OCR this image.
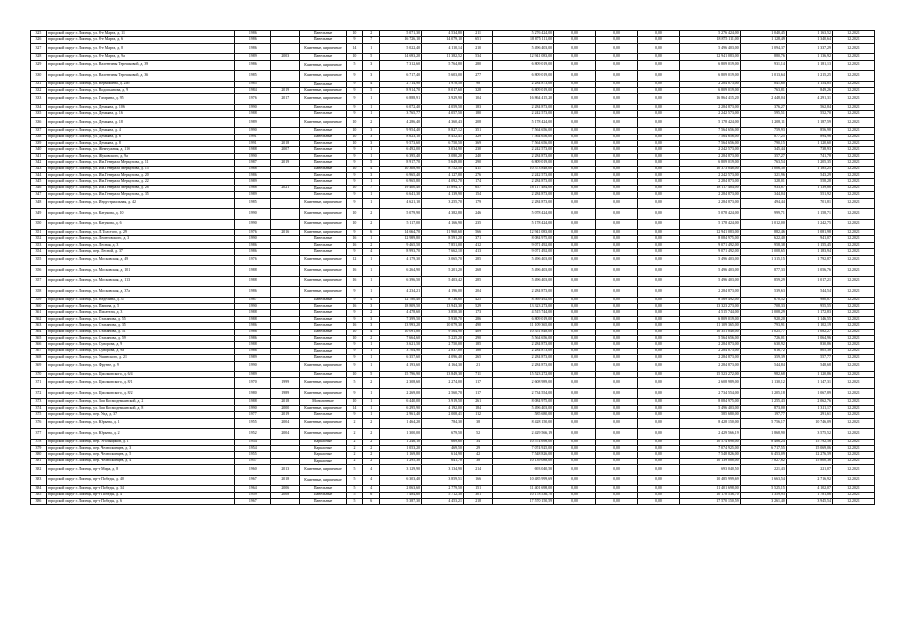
325	городской округ г. Липецк, ул. 8-е Марта, д. 11	1986		Панельные	10	2	5 071,30	4 534,80	211	5 276 424,00	0,00	0,00	0,00	5 276 424,00	1 040,45	1 163,52	12.2021
326	городской округ г. Липецк, ул. 8-е Марта, д. 6	1986		Панельные	9	7	16 726,10	14 079,10	651	18 875 111,00	0,00	0,00	0,00	18 875 111,00	1 128,49	1 340,64	12.2021
327	городской округ г. Липецк, ул. 8-е Марта, д. 8	1986		Каменные, кирпичные	14	1	5 022,40	4 110,14	210	5 496 403,00	0,00	0,00	0,00	5 496 403,00	1 094,37	1 337,29	12.2021
328	городской округ г. Липецк, ул. 8-е Марта, д. 9а	1989	2003	Панельные	10	5	14 693,20	11 382,52	534	12 941 083,00	0,00	0,00	0,00	12 941 083,00	880,76	1 136,92	12.2021
329	городской округ г. Липецк, ул. Валентины Терешковой, д. 39	1986		Каменные, кирпичные	5	3	7 312,60	5 764,80	280	6 809 019,00	0,00	0,00	0,00	6 809 019,00	931,14	1 181,13	12.2021
330	городской округ г. Липецк, ул. Валентины Терешковой, д. 36	1985		Каменные, кирпичные	9	3	6 717,40	5 603,00	277	6 809 019,00	0,00	0,00	0,00	6 809 019,00	1 013,64	1 215,25	12.2021
331	городской округ г. Липецк, ул. Вермишева, д. 24б	1985		Панельные	9	4	2 714,90	1 978,50	98	2 284 873,00	0,00	0,00	0,00	2 284 873,00	841,60	1 154,85	12.2021
332	городской округ г. Липецк, ул. Водопьянова, д. 9	1984	2019	Каменные, кирпичные	9	5	8 914,70	8 017,60	328	6 809 019,00	0,00	0,00	0,00	6 809 019,00	763,81	849,26	12.2021
333	городской округ г. Липецк, ул. Гагарина, д. 95	1976	2017	Каменные, кирпичные	9	1	6 888,91	3 929,90	104	16 864 415,20	0,00	0,00	0,00	16 864 415,20	2 448,04	4 291,31	12.2021
334	городской округ г. Липецк, ул. Демьяна, д. 106	1990		Панельные	9	1	6 072,40	4 059,50	183	2 284 873,00	0,00	0,00	0,00	2 284 873,00	376,27	562,84	12.2021
335	городской округ г. Липецк, ул. Демьяна, д. 16	1988		Панельные	9	1	3 765,77	4 057,50	180	2 242 573,00	0,00	0,00	0,00	2 242 573,00	595,51	552,70	12.2021
336	городской округ г. Липецк, ул. Демьяна, д. 18	1989		Каменные, кирпичные	10	2	4 286,40	4 360,43	208	5 178 424,00	0,00	0,00	0,00	5 178 424,00	1 208,11	1 187,59	12.2021
337	городской округ г. Липецк, ул. Демьяна, д. 4	1990		Панельные	10	3	9 954,40	8 827,12	351	7 564 656,00	0,00	0,00	0,00	7 564 656,00	759,93	856,98	12.2021
338	городской округ г. Липецк, ул. Демьяна, д. 6	1991		Панельные	10	3	8 623,10	8 452,41	329	7 564 656,00	0,00	0,00	0,00	7 564 656,00	877,25	894,96	12.2021
339	городской округ г. Липецк, ул. Демьяна, д. 8	1991	2018	Панельные	10	3	9 573,60	6 750,50	369	7 564 656,00	0,00	0,00	0,00	7 564 656,00	790,15	1 120,60	12.2021
340	городской округ г. Липецк, ул. Жемчужная, д. 11б	1988	2007	Панельные	9	1	6 492,00	3 034,90	230	2 242 573,00	0,00	0,00	0,00	2 242 573,00	345,44	738,93	12.2021
341	городской округ г. Липецк, ул. Жуковского, д. 9а	1990		Панельные	9	1	6 395,40	3 080,20	240	2 284 873,00	0,00	0,00	0,00	2 284 873,00	357,27	741,78	12.2021
342	городской округ г. Липецк, ул. Им.Генерала Меркулова, д. 11	1987	2019	Панельные	9	5	8 917,70	5 649,00	290	6 809 019,00	0,00	0,00	0,00	6 809 019,00	763,54	1 205,35	12.2021
343	городской округ г. Липецк, ул. Им.Генерала Меркулова, д. 15	1988		Панельные	10	4	10 308,90	8 752,50	411	10 373 848,00	0,00	0,00	0,00	10 373 848,00	1 006,30	1 185,25	12.2021
344	городской округ г. Липецк, ул. Им.Генерала Меркулова, д. 20	1986		Панельные	9	3	6 965,40	4 127,80	276	2 242 573,00	0,00	0,00	0,00	2 242 573,00	321,96	543,29	12.2021
345	городской округ г. Липецк, ул. Им.Генерала Меркулова, д. 22	1989		Панельные	9	1	6 965,80	4 092,70	174	2 284 873,00	0,00	0,00	0,00	2 284 873,00	328,01	558,28	12.2021
346	городской округ г. Липецк, ул. Им.Генерала Меркулова, д. 26	1988	2021	Панельные	10	7	19 400,40	15 894,17	657	18 117 484,00	0,00	0,00	0,00	18 117 484,00	933,87	1 139,88	12.2021
347	городской округ г. Липецк, ул. Им.Генерала Меркулова, д. 35	1989		Панельные	9	1	6 641,30	4 139,90	154	2 284 873,00	0,00	0,00	0,00	2 284 873,00	344,04	551,92	12.2021
348	городской округ г. Липецк, ул. Индустриальная, д. 42	1985		Каменные, кирпичные	9	1	4 621,10	3 255,70	179	2 284 873,00	0,00	0,00	0,00	2 284 873,00	494,44	701,81	12.2021
349	городской округ г. Липецк, ул. Катукова, д. 10	1990		Каменные, кирпичные	10	2	5 079,90	4 382,80	246	5 078 424,00	0,00	0,00	0,00	5 078 424,00	999,71	1 158,71	12.2021
350	городской округ г. Липецк, ул. Катукова, д. 6	1990		Каменные, кирпичные	10	2	5 117,00	4 166,90	235	5 178 424,00	0,00	0,00	0,00	5 178 424,00	1 012,00	1 242,75	12.2021
351	городской округ г. Липецк, ул. Л.Толстого, д. 29	1976	2016	Каменные, кирпичные	9	6	14 664,70	11 960,60	566	12 941 083,00	0,00	0,00	0,00	12 941 083,00	882,46	1 081,98	12.2021
352	городской округ г. Липецк, ул. Леонтовского, д. 3	1990		Панельные	16	1	12 989,80	8 591,20	371	8 084 975,00	0,00	0,00	0,00	8 084 975,00	622,40	941,07	12.2021
353	городской округ г. Липецк, ул. Лесная, д. 3	1986		Панельные	16	2	9 465,50	7 851,00	412	9 071 492,00	0,00	0,00	0,00	9 071 492,00	958,38	1 155,45	12.2021
354	городской округ г. Липецк, пер. Лесной, д. 37	1986		Панельные	9	4	8 993,70	7 662,10	413	9 071 492,00	0,00	0,00	0,00	9 071 492,00	1 008,65	1 183,94	12.2021
355	городской округ г. Липецк, ул. Московская, д. 49	1976		Каменные, кирпичные	12	1	4 179,30	3 065,70	285	5 496 403,00	0,00	0,00	0,00	5 496 403,00	1 315,15	1 792,87	12.2021
356	городской округ г. Липецк, ул. Московская, д. 101	1988		Каменные, кирпичные	16	1	6 264,90	5 201,20	268	5 496 403,00	0,00	0,00	0,00	5 496 403,00	877,33	1 056,76	12.2021
357	городской округ г. Липецк, ул. Московская, д. 113	1988		Каменные, кирпичные	16	1	6 396,50	5 403,42	285	5 496 403,00	0,00	0,00	0,00	5 496 403,00	859,29	1 017,21	12.2021
358	городской округ г. Липецк, ул. Московская, д. 37а	1986		Каменные, кирпичные	9	1	4 234,21	4 196,00	204	2 284 873,00	0,00	0,00	0,00	2 284 873,00	539,63	544,54	12.2021
359	городской округ г. Липецк, ул. Неделина, д. 37	1987		Панельные	9	4	12 780,40	8 736,60	425	8 569 492,00	0,00	0,00	0,00	8 569 492,00	670,52	980,87	12.2021
360	городской округ г. Липецк, ул. Папина, д. 5	1990		Панельные	16	3	18 809,50	13 943,30	529	13 323 273,00	0,00	0,00	0,00	13 323 273,00	708,33	955,55	12.2021
361	городской округ г. Липецк, ул. Писатели, д. 3	1988		Панельные	9	2	4 478,60	3 850,30	173	4 515 744,00	0,00	0,00	0,00	4 515 744,00	1 008,29	1 172,83	12.2021
362	городской округ г. Липецк, ул. Стаханова, д. 55	1988		Панельные	9	3	7 399,50	5 938,70	286	6 809 019,00	0,00	0,00	0,00	6 809 019,00	920,20	1 146,55	12.2021
363	городской округ г. Липецк, ул. Стаханова, д. 35	1986		Панельные	16	3	13 993,20	10 079,30	490	11 109 365,00	0,00	0,00	0,00	11 109 365,00	793,91	1 102,19	12.2021
364	городской округ г. Липецк, ул. Стаханова, д. 51	1986		Панельные	10	4	10 091,80	9 564,90	409	10 351 848,00	0,00	0,00	0,00	10 351 848,00	1 025,77	1 082,27	12.2021
365	городской округ г. Липецк, ул. Стаханова, д. 59	1986		Панельные	10	2	7 664,60	5 225,20	290	5 564 656,00	0,00	0,00	0,00	5 564 656,00	726,01	1 064,96	12.2021
366	городской округ г. Липецк, ул. Суворова, д. 9	1988		Панельные	9	1	3 621,50	2 750,00	185	2 284 873,00	0,00	0,00	0,00	2 284 873,00	630,92	830,86	12.2021
367	городской округ г. Липецк, ул. Суворова, д. 9а	1986		Панельные	9	1	3 704,90	2 837,00	180	2 284 873,00	0,00	0,00	0,00	2 284 873,00	616,72	805,38	12.2021
368	городской округ г. Липецк, ул. Ушинского, д. 21	1989		Панельные	9	1	6 357,60	4 096,40	265	2 284 873,00	0,00	0,00	0,00	2 284 873,00	359,39	557,77	12.2021
369	городской округ г. Липецк, ул. Фрунзе, д. 9	1990		Каменные, кирпичные	9	1	4 193,60	4 164,30	21	2 284 873,00	0,00	0,00	0,00	2 284 873,00	544,84	548,68	12.2021
370	городской округ г. Липецк, ул. Циолковского, д. 6/4	1989		Панельные	10	5	15 796,90	13 849,30	711	15 523 272,00	0,00	0,00	0,00	15 523 272,00	982,68	1 120,86	12.2021
371	городской округ г. Липецк, ул. Циолковского, д. 8/1	1970	1999	Каменные, кирпичные	5	2	2 308,60	2 274,00	117	2 608 989,00	0,00	0,00	0,00	2 608 989,00	1 130,12	1 147,31	12.2021
372	городской округ г. Липецк, ул. Циолковского, д. 8/2	1980	1989	Каменные, кирпичные	9	1	2 269,00	2 560,70	117	2 734 554,00	0,00	0,00	0,00	2 734 554,00	1 205,18	1 067,89	12.2021
373	городской округ г. Липецк, ул. Зои Космодемьянской, д. 2	1988	2018	Монолитные	10	1	6 440,00	3 919,50	261	8 084 975,00	0,00	0,00	0,00	8 084 975,00	1 255,43	2 062,76	12.2021
374	городской округ г. Липецк, ул. Зои Космодемьянской, д. 8	1990	2000	Каменные, кирпичные	14	1	6 295,90	4 192,00	184	5 496 403,00	0,00	0,00	0,00	5 496 403,00	873,00	1 311,17	12.2021
375	городской округ г. Липецк, пер. Уид, д. 37	1977	2019	Панельные	9	1	2 961,40	2 008,41	112	585 680,00	0,00	0,00	0,00	585 680,00	197,77	291,61	12.2021
376	городской округ г. Липецк, ул. Юрьева, д. 1	1955	2004	Каменные, кирпичные	2	2	1 464,20	784,30	38	8 428 150,00	0,00	0,00	0,00	8 428 150,00	5 756,17	10 746,09	12.2021
377	городской округ г. Липецк, ул. Юрьева, д. 2	1952	2004	Каменные, кирпичные	2	2	1 300,00	679,50	52	2 429 566,19	0,00	0,00	0,00	2 429 566,19	1 868,90	3 575,52	12.2021
378	городской округ г. Липецк, пер. Угольщиков, д. 1	1954		Каркасные	2	2	1 246,10	669,60	34	10 574 698,00	0,00	0,00	0,00	10 574 698,00	8 486,24	15 792,56	12.2021
379	городской округ г. Липецк, пер. Челюскинцев, д. 3	1954		Каркасные	2	2	1 053,20	469,50	29	7 074 925,00	0,00	0,00	0,00	7 074 925,00	6 717,55	15 069,06	12.2021
380	городской округ г. Липецк, пер. Челюскинцев, д. 5	1955		Каркасные	2	2	1 169,80	614,90	42	7 548 826,00	0,00	0,00	0,00	7 548 826,00	6 453,09	12 276,59	12.2021
381	городской округ г. Липецк, пер. Челюскинцев, д. 4	1957		Каркасные	2	2	1 295,30	641,70	38	10 139 088,00	0,00	0,00	0,00	10 139 088,00	7 827,62	15 800,36	12.2021
382	городской округ г. Липецк, пр-т Мира, д. 8	1960	2013	Каменные, кирпичные	5	4	3 129,90	3 134,90	214	693 040,50	0,00	0,00	0,00	693 040,50	221,43	221,07	12.2021
383	городской округ г. Липецк, пр-т Победы, д. 40	1967	2018	Каменные, кирпичные	5	4	6 303,40	3 859,51	166	10 485 999,69	0,00	0,00	0,00	10 485 999,69	1 663,54	2 716,92	12.2021
384	городской округ г. Липецк, пр-т Победы, д. 34	1964	2006	Панельные	5	4	2 063,60	2 779,50	151	11 401 698,00	0,00	0,00	0,00	11 401 698,00	5 525,15	4 102,07	12.2021
385	городской округ г. Липецк, пр-т Победы, д. 4	1959	2008	Панельные	5	6	7 484,60	5 712,30	301	10 178 536,70	0,00	0,00	0,00	10 178 536,70	1 359,93	1 781,86	12.2021
386	городской округ г. Липецк, пр-т Победы, д. 6	1967		Панельные	5	6	5 387,30	4 453,21	218	17 570 150,59	0,00	0,00	0,00	17 570 150,59	3 261,40	3 945,54	12.2021
